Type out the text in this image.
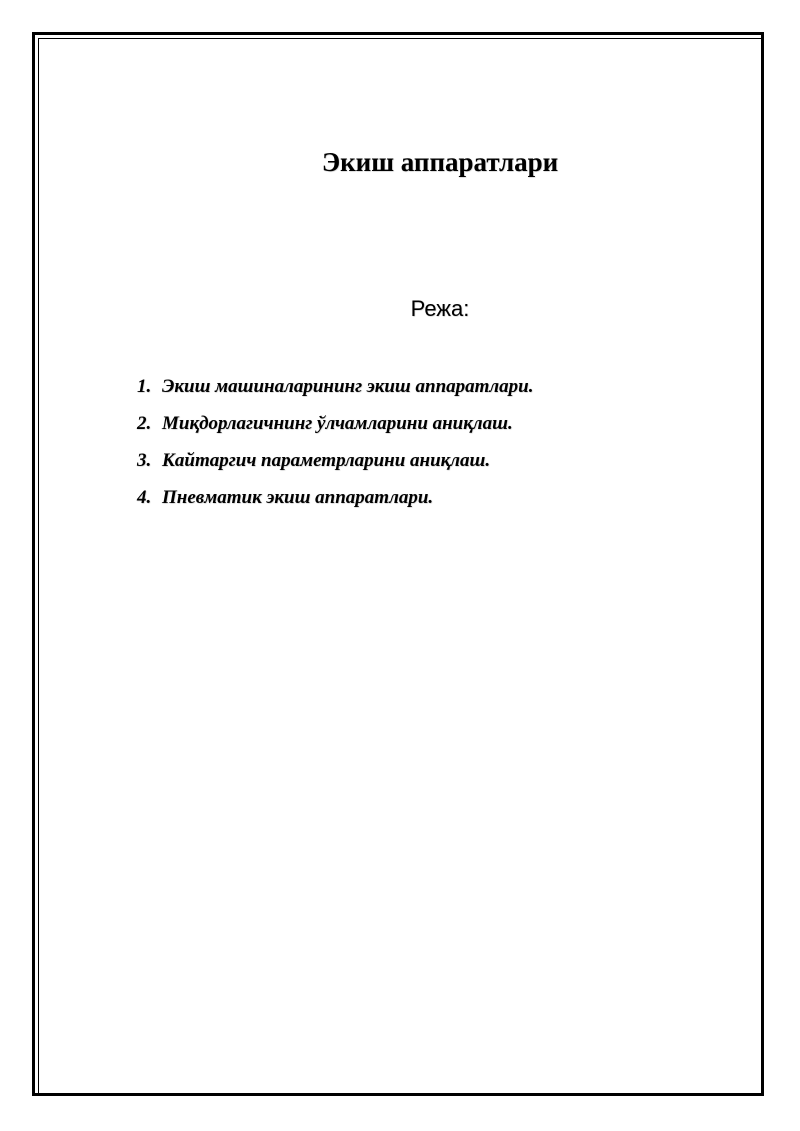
Экиш аппаратлари

Режа:

1. Экиш машиналарининг экиш аппаратлари.
2. Миқдорлагичнинг ўлчамларини аниқлаш.
3. Кайтаргич параметрларини аниқлаш.
4. Пневматик экиш аппаратлари.
